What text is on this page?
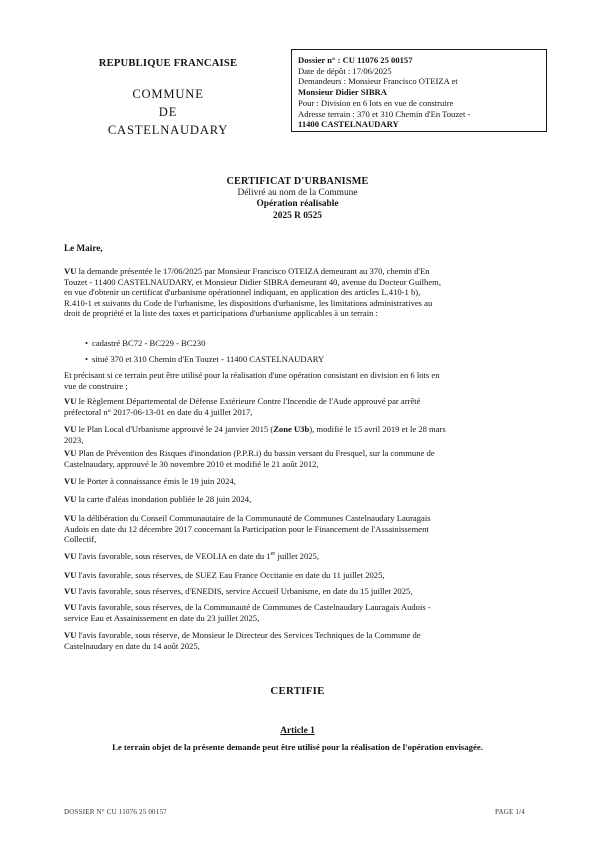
REPUBLIQUE FRANCAISE
COMMUNE
DE
CASTELNAUDARY
Dossier n° : CU 11076 25 00157
Date de dépôt : 17/06/2025
Demandeurs : Monsieur Francisco OTEIZA et
Monsieur Didier SIBRA
Pour : Division en 6 lots en vue de construire
Adresse terrain : 370 et 310 Chemin d'En Touzet -
11400 CASTELNAUDARY
CERTIFICAT D'URBANISME
Délivré au nom de la Commune
Opération réalisable
2025 R 0525
Le Maire,
VU la demande présentée le 17/06/2025 par Monsieur Francisco OTEIZA demeurant au 370, chemin d'En
Touzet - 11400 CASTELNAUDARY, et Monsieur Didier SIBRA demeurant 40, avenue du Docteur Guilhem,
en vue d'obtenir un certificat d'urbanisme opérationnel indiquant, en application des articles L.410-1 b),
R.410-1 et suivants du Code de l'urbanisme, les dispositions d'urbanisme, les limitations administratives au
droit de propriété et la liste des taxes et participations d'urbanisme applicables à un terrain :
• cadastré BC72 - BC229 - BC230
• situé 370 et 310 Chemin d'En Touzet - 11400 CASTELNAUDARY
Et précisant si ce terrain peut être utilisé pour la réalisation d'une opération consistant en division en 6 lots en
vue de construire ;
VU le Règlement Départemental de Défense Extérieure Contre l'Incendie de l'Aude approuvé par arrêté
préfectoral n° 2017-06-13-01 en date du 4 juillet 2017,
VU le Plan Local d'Urbanisme approuvé le 24 janvier 2015 (Zone U3b), modifié le 15 avril 2019 et le 28 mars
2023,
VU Plan de Prévention des Risques d'inondation (P.P.R.i) du bassin versant du Fresquel, sur la commune de
Castelnaudary, approuvé le 30 novembre 2010 et modifié le 21 août 2012,
VU le Porter à connaissance émis le 19 juin 2024,
VU la carte d'aléas inondation publiée le 28 juin 2024,
VU la délibération du Conseil Communautaire de la Communauté de Communes Castelnaudary Lauragais
Audois en date du 12 décembre 2017 concernant la Participation pour le Financement de l'Assainissement
Collectif,
VU l'avis favorable, sous réserves, de VEOLIA en date du 1er juillet 2025,
VU l'avis favorable, sous réserves, de SUEZ Eau France Occitanie en date du 11 juillet 2025,
VU l'avis favorable, sous réserves, d'ENEDIS, service Accueil Urbanisme, en date du 15 juillet 2025,
VU l'avis favorable, sous réserves, de la Communauté de Communes de Castelnaudary Lauragais Audois -
service Eau et Assainissement en date du 23 juillet 2025,
VU l'avis favorable, sous réserve, de Monsieur le Directeur des Services Techniques de la Commune de
Castelnaudary en date du 14 août 2025,
CERTIFIE
Article 1
Le terrain objet de la présente demande peut être utilisé pour la réalisation de l'opération envisagée.
DOSSIER N° CU 11076 25 00157	PAGE 1/4
